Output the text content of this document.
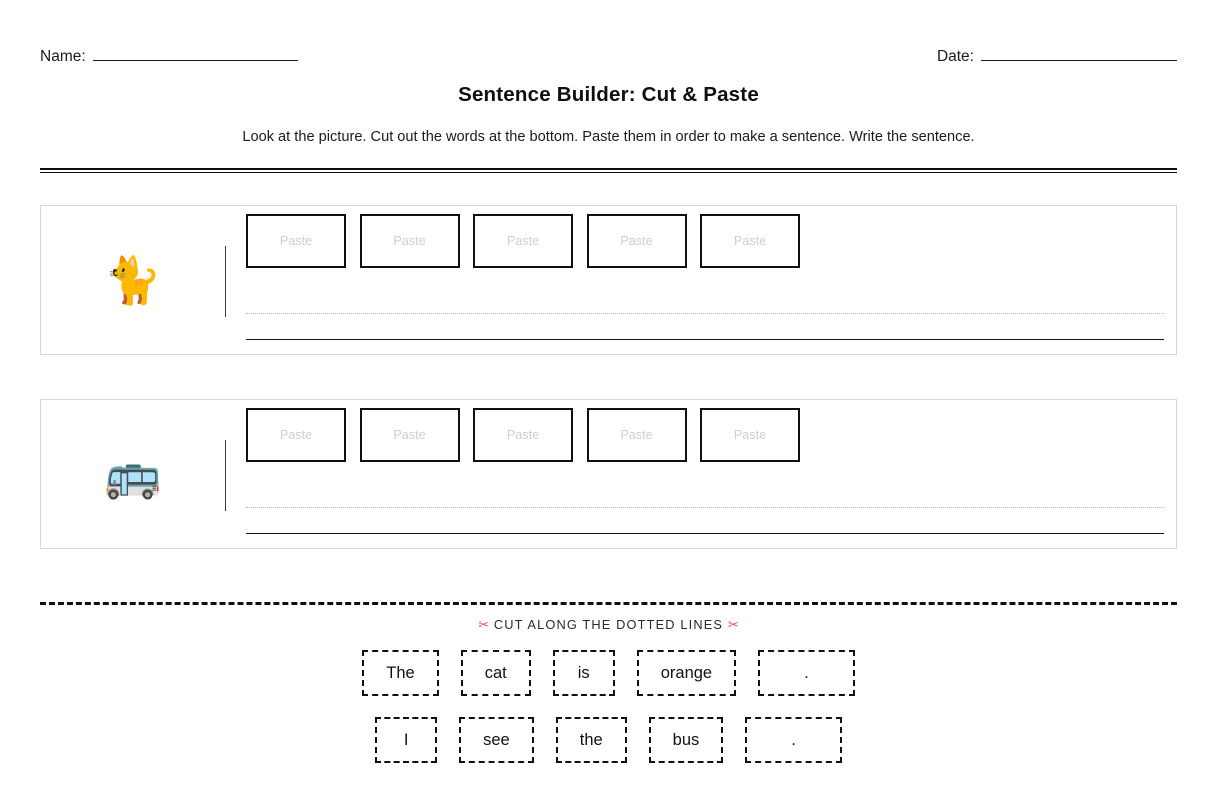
Name:	Date:
Sentence Builder: Cut & Paste
Look at the picture. Cut out the words at the bottom. Paste them in order to make a sentence. Write the sentence.
🐈
Paste	Paste	Paste	Paste	Paste
🚌
Paste	Paste	Paste	Paste	Paste
✂ CUT ALONG THE DOTTED LINES ✂
The	cat	is	orange	.
I	see	the	bus	.
